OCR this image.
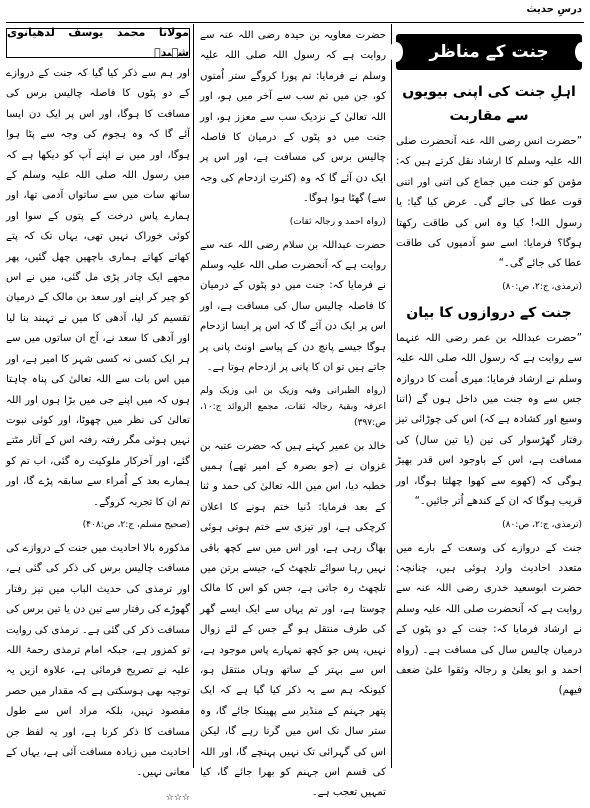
درسِ حدیث
جنت کے مناظر
اہلِ جنت کی اپنی بیویوں سے مقاربت

”حضرت انس رضی اللہ عنہ آنحضرت صلی اللہ علیہ وسلم کا ارشاد نقل کرتے ہیں کہ: مؤمن کو جنت میں جماع کی اتنی اور اتنی قوت عطا کی جائے گی۔ عرض کیا گیا: یا رسول اللہ! کیا وہ اس کی طاقت رکھتا ہوگا؟ فرمایا: اسے سو آدمیوں کی طاقت عطا کی جائے گی۔“

(ترمذی، ج:۲، ص:۸۰)

جنت کے دروازوں کا بیان

”حضرت عبداللہ بن عمر رضی اللہ عنہما سے روایت ہے کہ رسول اللہ صلی اللہ علیہ وسلم نے ارشاد فرمایا: میری اُمت کا دروازہ جس سے وہ جنت میں داخل ہوں گے (اتنا وسیع اور کشادہ ہے کہ) اس کی چوڑائی تیز رفتار گھڑسوار کی تین (یا تین سال) کی مسافت ہے، اس کے باوجود اس قدر بھیڑ ہوگی کہ (کھوے سے کھوا چھلتا ہوگا، اور قریب ہوگا کہ ان کے کندھے اُتر جائیں۔“

(ترمذی، ج:۲، ص:۸۰)

جنت کے دروازے کی وسعت کے بارے میں متعدد احادیث وارد ہوئی ہیں، چنانچہ: حضرت ابوسعید خدری رضی اللہ عنہ سے روایت ہے کہ آنحضرت صلی اللہ علیہ وسلم نے ارشاد فرمایا کہ: جنت کے دو پٹوں کے درمیان چالیس سال کی مسافت ہے۔ (رواہ احمد و ابو یعلیٰ و رجالہ وثقوا علیٰ ضعف فیھم)

حضرت معاویہ بن حیدہ رضی اللہ عنہ سے روایت ہے کہ رسول اللہ صلی اللہ علیہ وسلم نے فرمایا: تم پورا کروگے ستر اُمتوں کو، جن میں تم سب سے آخر میں ہو، اور اللہ تعالیٰ کے نزدیک سب سے معزز ہو، اور جنت میں دو پٹوں کے درمیان کا فاصلہ چالیس برس کی مسافت ہے، اور اس پر ایک دن آئے گا کہ وہ (کثرتِ ازدحام کی وجہ سے) گھٹا ہوا ہوگا۔

(رواہ احمد و رجالہ ثقات)

حضرت عبداللہ بن سلام رضی اللہ عنہ سے روایت ہے کہ آنحضرت صلی اللہ علیہ وسلم نے فرمایا کہ: جنت میں دو پٹوں کے درمیان کا فاصلہ چالیس سال کی مسافت ہے، اور اس پر ایک دن آئے گا کہ اس پر ایسا ازدحام ہوگا جیسے پانچ دن کے پیاسے اونٹ پانی پر جاتے ہیں تو ان کا پانی پر ازدحام ہوتا ہے۔

(رواہ الطبرانی وفیہ وزیک بن ابی وزیک ولم اعرفہ وبقیۃ رجالہ ثقات، مجمع الزوائد ج:۱۰، ص:۳۹۷)

خالد بن عمیر کہتے ہیں کہ حضرت عتبہ بن غزوان نے (جو بصرہ کے امیر تھے) ہمیں خطبہ دیا، اس میں اللہ تعالیٰ کی حمد و ثنا کے بعد فرمایا: دُنیا ختم ہونے کا اعلان کرچکی ہے، اور تیزی سے ختم ہوتی ہوئی بھاگ رہی ہے، اور اس میں سے کچھ باقی نہیں رہا سوائے تلچھٹ کے، جیسے برتن میں تلچھٹ رہ جاتی ہے، جس کو اس کا مالک چوستا ہے، اور تم یہاں سے ایک ایسے گھر کی طرف منتقل ہو گے جس کے لئے زوال نہیں، پس جو کچھ تمہارے پاس موجود ہے، اس سے بہتر کے ساتھ وہاں منتقل ہو، کیونکہ ہم سے یہ ذکر کیا گیا ہے کہ ایک پتھر جہنم کے منڈیر سے پھینکا جائے گا، وہ ستر سال تک اس میں گرتا رہے گا، لیکن اس کی گہرائی تک نہیں پہنچے گا، اور اللہ کی قسم اس جہنم کو بھرا جائے گا، کیا تمہیں تعجب ہے۔

مولانا محمد یوسف لدھیانوی شہیدؒ

اور ہم سے ذکر کیا گیا کہ جنت کے دروازے کے دو پٹوں کا فاصلہ چالیس برس کی مسافت کا ہوگا، اور اس پر ایک دن ایسا آئے گا کہ وہ ہجوم کی وجہ سے پٹا ہوا ہوگا، اور میں نے اپنے آپ کو دیکھا ہے کہ میں رسول اللہ صلی اللہ علیہ وسلم کے ساتھ سات میں سے ساتواں آدمی تھا، اور ہمارے پاس درخت کے پتوں کے سوا اور کوئی خوراک نہیں تھی، یہاں تک کہ پتے کھاتے کھاتے ہماری باچھیں چھل گئیں، پھر مجھے ایک چادر پڑی مل گئی، میں نے اس کو چیر کر اپنے اور سعد بن مالک کے درمیان تقسیم کر لیا، آدھی کا میں نے تہبند بنا لیا اور آدھی کا سعد نے، آج ان ساتوں میں سے ہر ایک کسی نہ کسی شہر کا امیر ہے، اور میں اس بات سے اللہ تعالیٰ کی پناہ چاہتا ہوں کہ میں اپنے جی میں بڑا ہوں اور اللہ تعالیٰ کی نظر میں چھوٹا، اور کوئی نبوت نہیں ہوئی مگر رفتہ رفتہ اس کے آثار مٹتے گئے، اور آخرکار ملوکیت رہ گئی، اب تم کو ہمارے بعد کے اُمراء سے سابقہ پڑے گا، اور تم ان کا تجربہ کروگے۔

(صحیح مسلم، ج:۲، ص:۴۰۸)

مذکورہ بالا احادیث میں جنت کے دروازے کی مسافت چالیس برس کی ذکر کی گئی ہے، اور ترمذی کی حدیث الباب میں تیز رفتار گھوڑے کی رفتار سے تین دن یا تین برس کی مسافت ذکر کی گئی ہے۔ ترمذی کی روایت تو کمزور ہے، جبکہ امام ترمذی رحمۃ اللہ علیہ نے تصریح فرمائی ہے، علاوہ ازیں یہ توجیہ بھی ہوسکتی ہے کہ مقدار میں حصر مقصود نہیں، بلکہ مراد اس سے طول مسافت کا ذکر کرنا ہے، اور یہ لفظ جن احادیث میں زیادہ مسافت آئی ہے، یہاں کے معانی نہیں۔

☆☆☆
